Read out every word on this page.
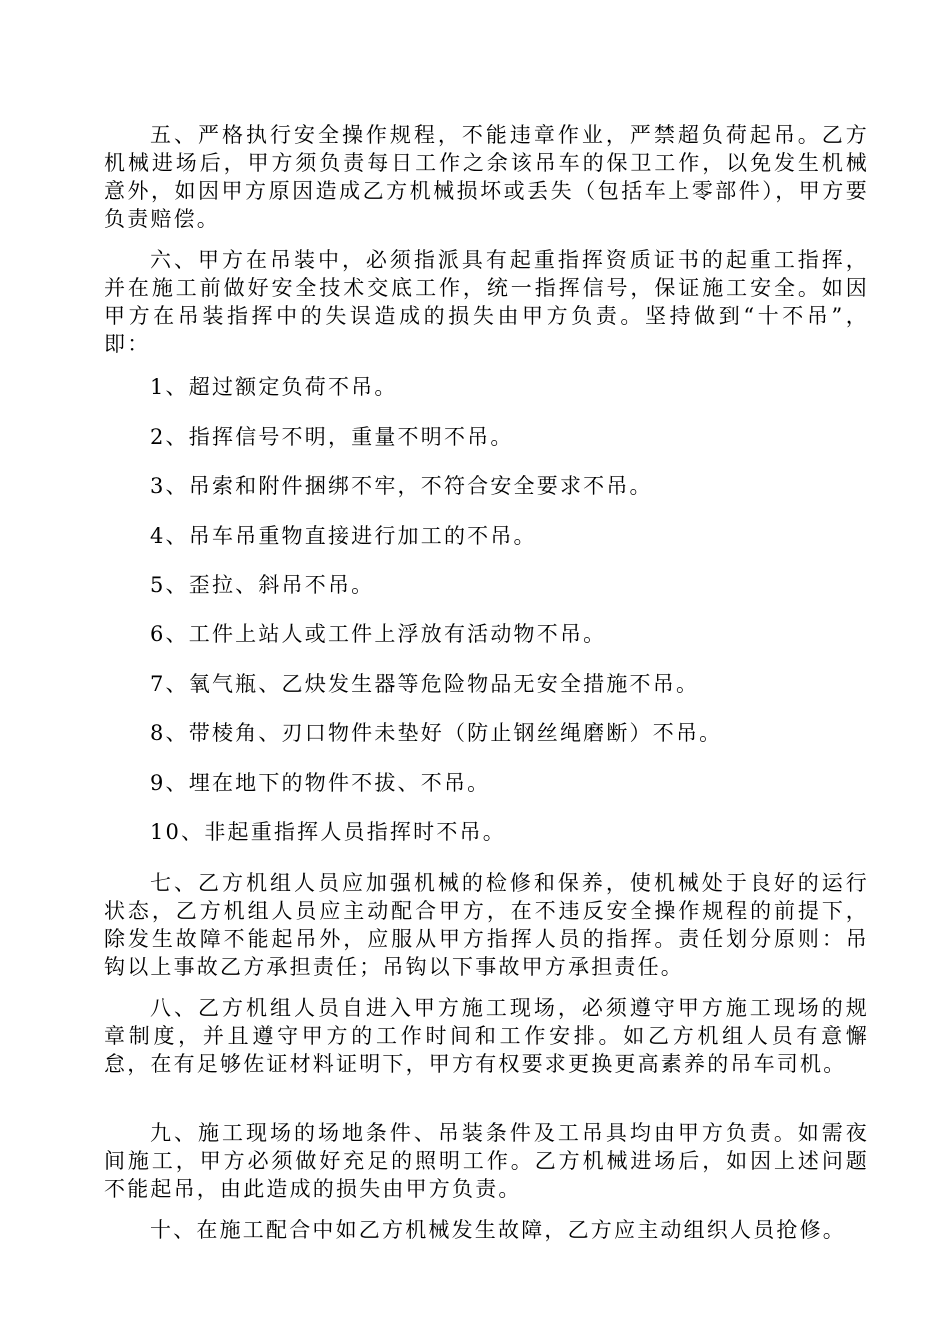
五、严格执行安全操作规程，不能违章作业，严禁超负荷起吊。乙方机械进场后，甲方须负责每日工作之余该吊车的保卫工作，以免发生机械意外，如因甲方原因造成乙方机械损坏或丢失（包括车上零部件），甲方要负责赔偿。

六、甲方在吊装中，必须指派具有起重指挥资质证书的起重工指挥，并在施工前做好安全技术交底工作，统一指挥信号，保证施工安全。如因甲方在吊装指挥中的失误造成的损失由甲方负责。坚持做到“十不吊”，即：

1、超过额定负荷不吊。

2、指挥信号不明，重量不明不吊。

3、吊索和附件捆绑不牢，不符合安全要求不吊。

4、吊车吊重物直接进行加工的不吊。

5、歪拉、斜吊不吊。

6、工件上站人或工件上浮放有活动物不吊。

7、氧气瓶、乙炔发生器等危险物品无安全措施不吊。

8、带棱角、刃口物件未垫好（防止钢丝绳磨断）不吊。

9、埋在地下的物件不拔、不吊。

10、非起重指挥人员指挥时不吊。

七、乙方机组人员应加强机械的检修和保养，使机械处于良好的运行状态，乙方机组人员应主动配合甲方，在不违反安全操作规程的前提下，除发生故障不能起吊外，应服从甲方指挥人员的指挥。责任划分原则：吊钩以上事故乙方承担责任；吊钩以下事故甲方承担责任。

八、乙方机组人员自进入甲方施工现场，必须遵守甲方施工现场的规章制度，并且遵守甲方的工作时间和工作安排。如乙方机组人员有意懈怠，在有足够佐证材料证明下，甲方有权要求更换更高素养的吊车司机。

九、施工现场的场地条件、吊装条件及工吊具均由甲方负责。如需夜间施工，甲方必须做好充足的照明工作。乙方机械进场后，如因上述问题不能起吊，由此造成的损失由甲方负责。

十、在施工配合中如乙方机械发生故障，乙方应主动组织人员抢修。
